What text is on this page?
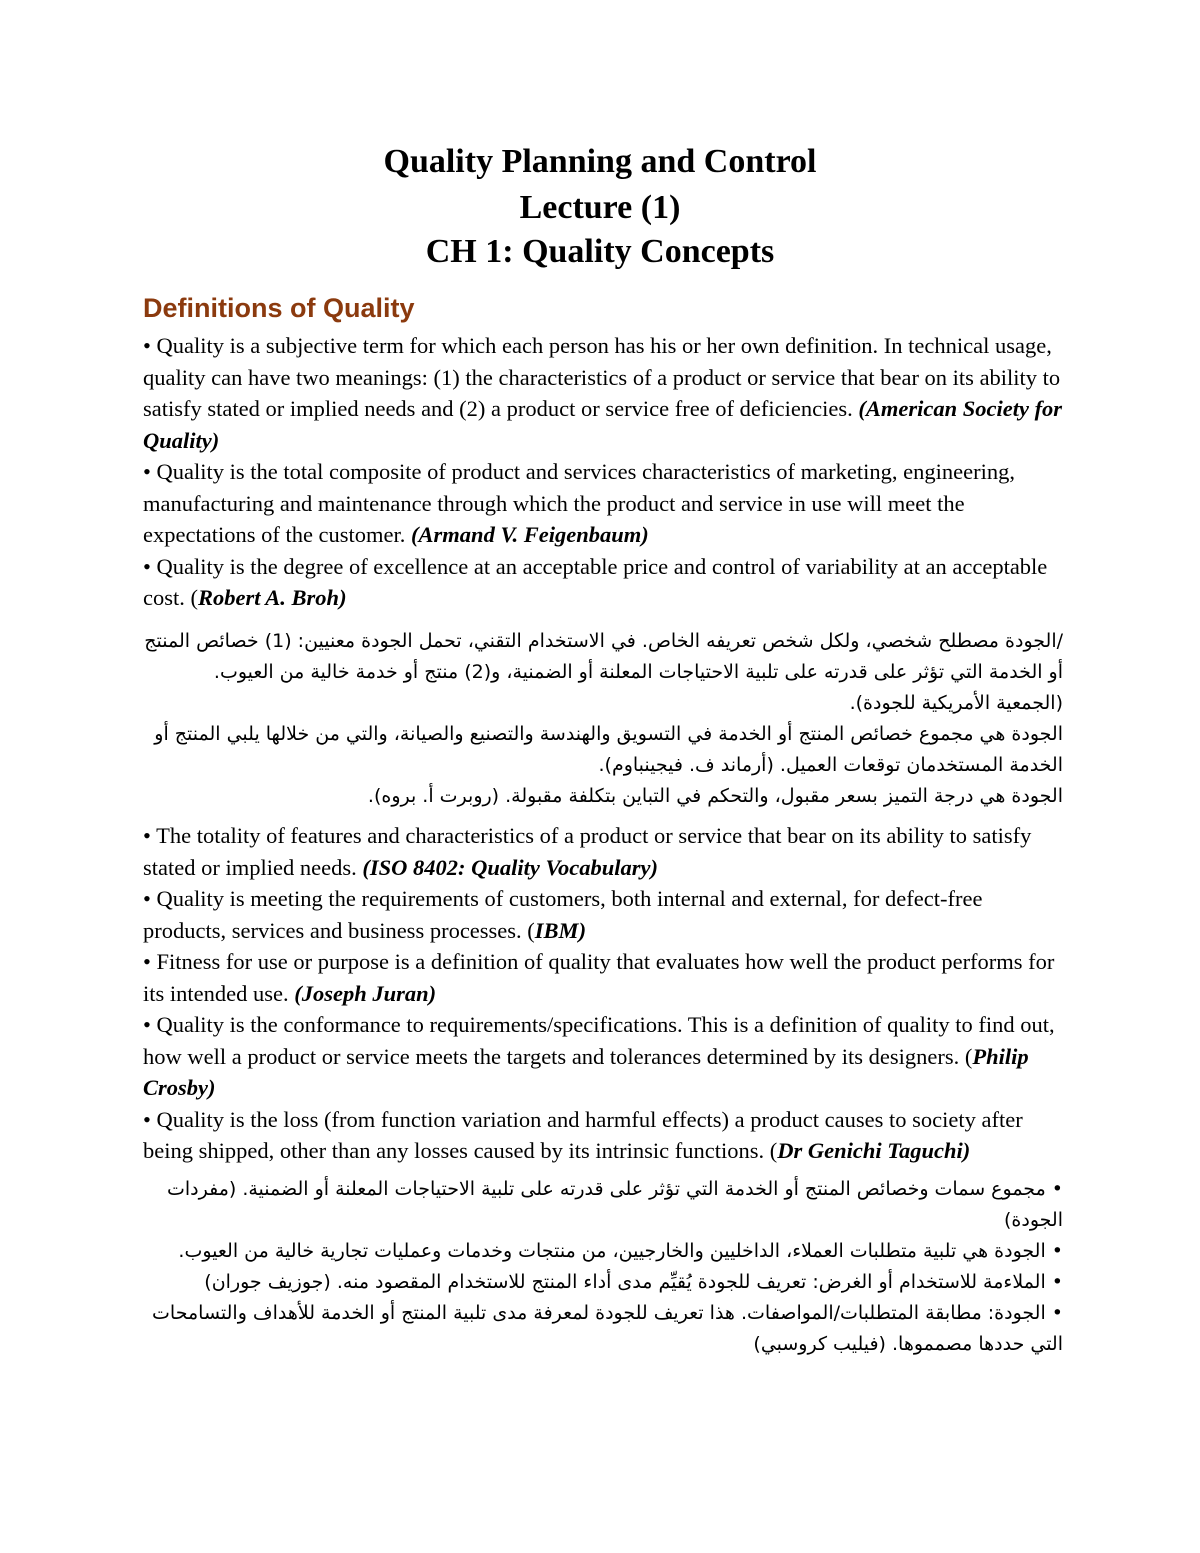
Quality Planning and Control
Lecture (1)
CH 1: Quality Concepts
Definitions of Quality

• Quality is a subjective term for which each person has his or her own definition. In technical usage, quality can have two meanings: (1) the characteristics of a product or service that bear on its ability to satisfy stated or implied needs and (2) a product or service free of deficiencies. (American Society for Quality)

• Quality is the total composite of product and services characteristics of marketing, engineering, manufacturing and maintenance through which the product and service in use will meet the expectations of the customer. (Armand V. Feigenbaum)

• Quality is the degree of excellence at an acceptable price and control of variability at an acceptable cost. (Robert A. Broh)

/الجودة مصطلح شخصي، ولكل شخص تعريفه الخاص. في الاستخدام التقني، تحمل الجودة معنيين: (1) خصائص المنتج أو الخدمة التي تؤثر على قدرته على تلبية الاحتياجات المعلنة أو الضمنية، و(2) منتج أو خدمة خالية من العيوب. (الجمعية الأمريكية للجودة).

الجودة هي مجموع خصائص المنتج أو الخدمة في التسويق والهندسة والتصنيع والصيانة، والتي من خلالها يلبي المنتج أو الخدمة المستخدمان توقعات العميل. (أرماند ف. فيجينباوم).

الجودة هي درجة التميز بسعر مقبول، والتحكم في التباين بتكلفة مقبولة. (روبرت أ. بروه).

• The totality of features and characteristics of a product or service that bear on its ability to satisfy stated or implied needs. (ISO 8402: Quality Vocabulary)

• Quality is meeting the requirements of customers, both internal and external, for defect-free products, services and business processes. (IBM)

• Fitness for use or purpose is a definition of quality that evaluates how well the product performs for its intended use. (Joseph Juran)

• Quality is the conformance to requirements/specifications. This is a definition of quality to find out, how well a product or service meets the targets and tolerances determined by its designers. (Philip Crosby)

• Quality is the loss (from function variation and harmful effects) a product causes to society after being shipped, other than any losses caused by its intrinsic functions. (Dr Genichi Taguchi)

• مجموع سمات وخصائص المنتج أو الخدمة التي تؤثر على قدرته على تلبية الاحتياجات المعلنة أو الضمنية. (مفردات الجودة)

• الجودة هي تلبية متطلبات العملاء، الداخليين والخارجيين، من منتجات وخدمات وعمليات تجارية خالية من العيوب.

• الملاءمة للاستخدام أو الغرض: تعريف للجودة يُقيِّم مدى أداء المنتج للاستخدام المقصود منه. (جوزيف جوران)

• الجودة: مطابقة المتطلبات/المواصفات. هذا تعريف للجودة لمعرفة مدى تلبية المنتج أو الخدمة للأهداف والتسامحات التي حددها مصمموها. (فيليب كروسبي)
